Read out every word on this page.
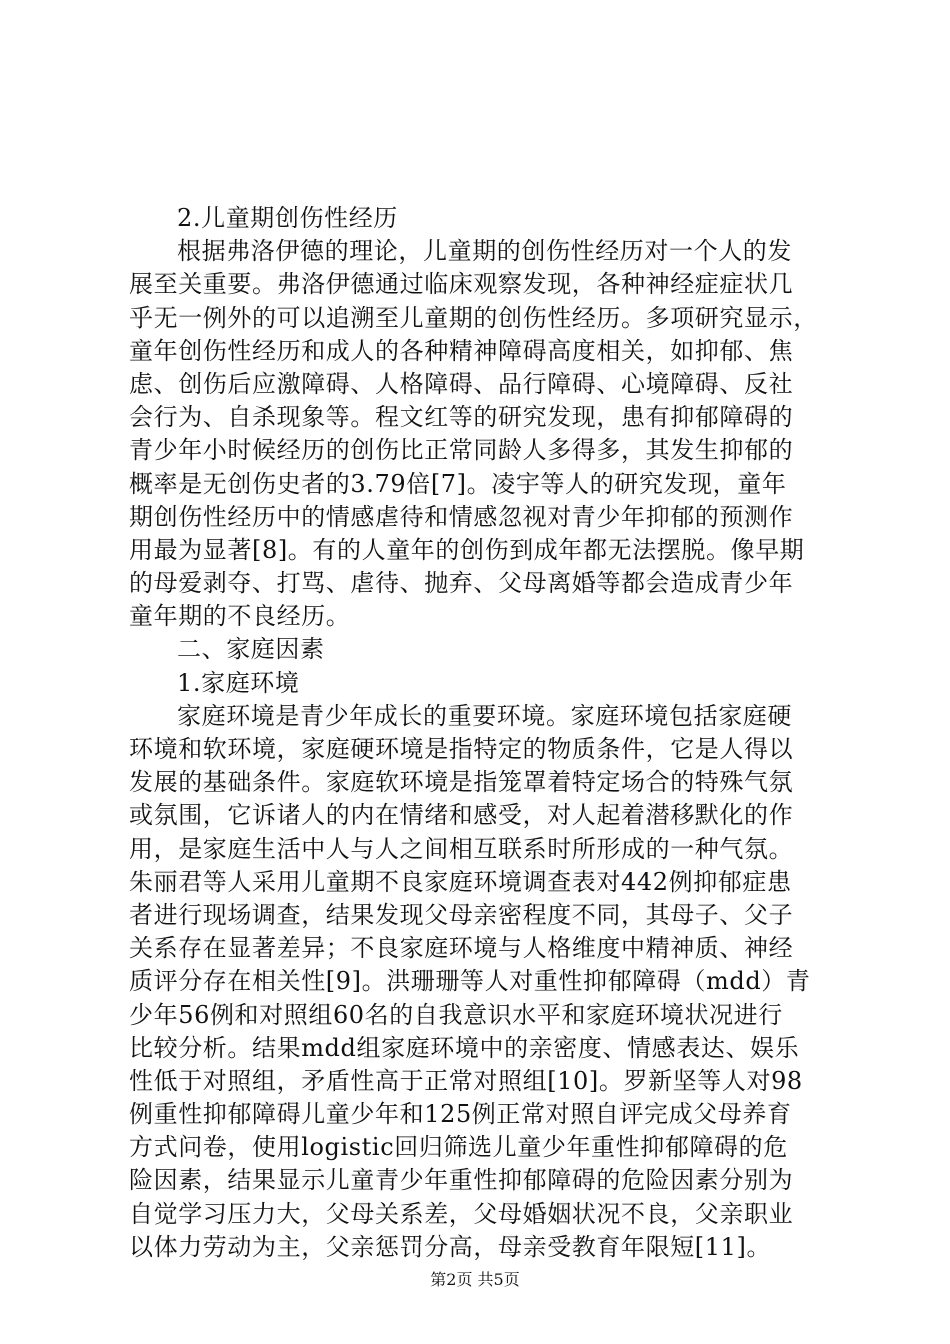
2.儿童期创伤性经历
根据弗洛伊德的理论，儿童期的创伤性经历对一个人的发
展至关重要。弗洛伊德通过临床观察发现，各种神经症症状几
乎无一例外的可以追溯至儿童期的创伤性经历。多项研究显示，
童年创伤性经历和成人的各种精神障碍高度相关，如抑郁、焦
虑、创伤后应激障碍、人格障碍、品行障碍、心境障碍、反社
会行为、自杀现象等。程文红等的研究发现，患有抑郁障碍的
青少年小时候经历的创伤比正常同龄人多得多，其发生抑郁的
概率是无创伤史者的3.79倍[7]。凌宇等人的研究发现，童年
期创伤性经历中的情感虐待和情感忽视对青少年抑郁的预测作
用最为显著[8]。有的人童年的创伤到成年都无法摆脱。像早期
的母爱剥夺、打骂、虐待、抛弃、父母离婚等都会造成青少年
童年期的不良经历。
二、家庭因素
1.家庭环境
家庭环境是青少年成长的重要环境。家庭环境包括家庭硬
环境和软环境，家庭硬环境是指特定的物质条件，它是人得以
发展的基础条件。家庭软环境是指笼罩着特定场合的特殊气氛
或氛围，它诉诸人的内在情绪和感受，对人起着潜移默化的作
用，是家庭生活中人与人之间相互联系时所形成的一种气氛。
朱丽君等人采用儿童期不良家庭环境调查表对442例抑郁症患
者进行现场调查，结果发现父母亲密程度不同，其母子、父子
关系存在显著差异；不良家庭环境与人格维度中精神质、神经
质评分存在相关性[9]。洪珊珊等人对重性抑郁障碍（mdd）青
少年56例和对照组60名的自我意识水平和家庭环境状况进行
比较分析。结果mdd组家庭环境中的亲密度、情感表达、娱乐
性低于对照组，矛盾性高于正常对照组[10]。罗新坚等人对98
例重性抑郁障碍儿童少年和125例正常对照自评完成父母养育
方式问卷，使用logistic回归筛选儿童少年重性抑郁障碍的危
险因素，结果显示儿童青少年重性抑郁障碍的危险因素分别为
自觉学习压力大，父母关系差，父母婚姻状况不良，父亲职业
以体力劳动为主，父亲惩罚分高，母亲受教育年限短[11]。
第2页 共5页
